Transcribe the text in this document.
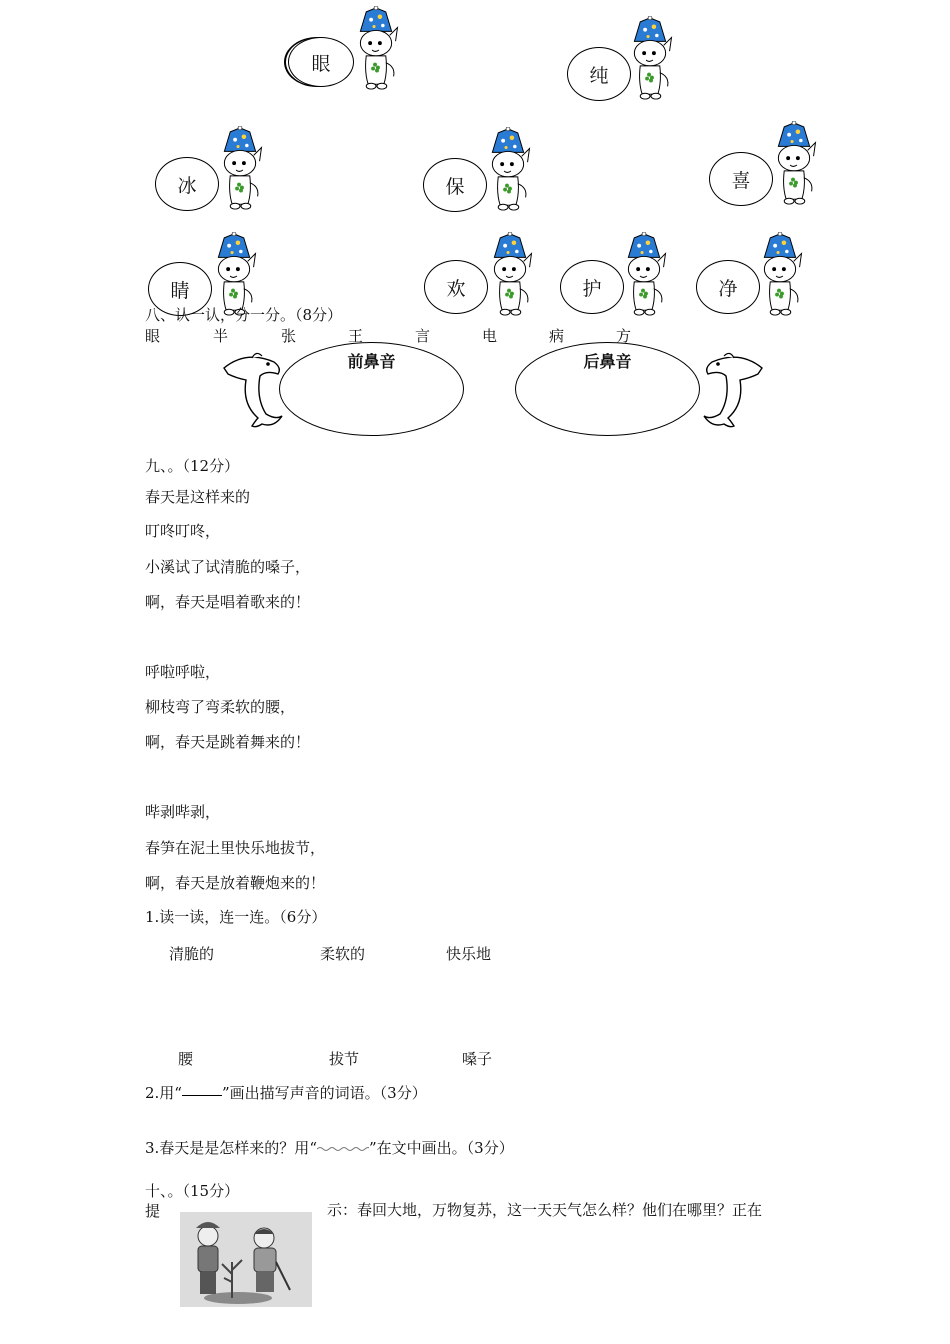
眼
纯
冰	保	喜
睛	欢	护	净
八、认一认，分一分。（8分）
眼	半	张	王	言	电	病	方
前鼻音	后鼻音
九、。（12分）
春天是这样来的
叮咚叮咚，
小溪试了试清脆的嗓子，
啊，春天是唱着歌来的！
呼啦呼啦，
柳枝弯了弯柔软的腰，
啊，春天是跳着舞来的！
哔剥哔剥，
春笋在泥土里快乐地拔节，
啊，春天是放着鞭炮来的！
1.读一读，连一连。（6分）
清脆的	柔软的	快乐地
腰	拔节	嗓子
2.用“	”画出描写声音的词语。（3分）
3.春天是是怎样来的？用“	”在文中画出。（3分）
十、。（15分）
提	示：春回大地，万物复苏，这一天天气怎么样？他们在哪里？正在
